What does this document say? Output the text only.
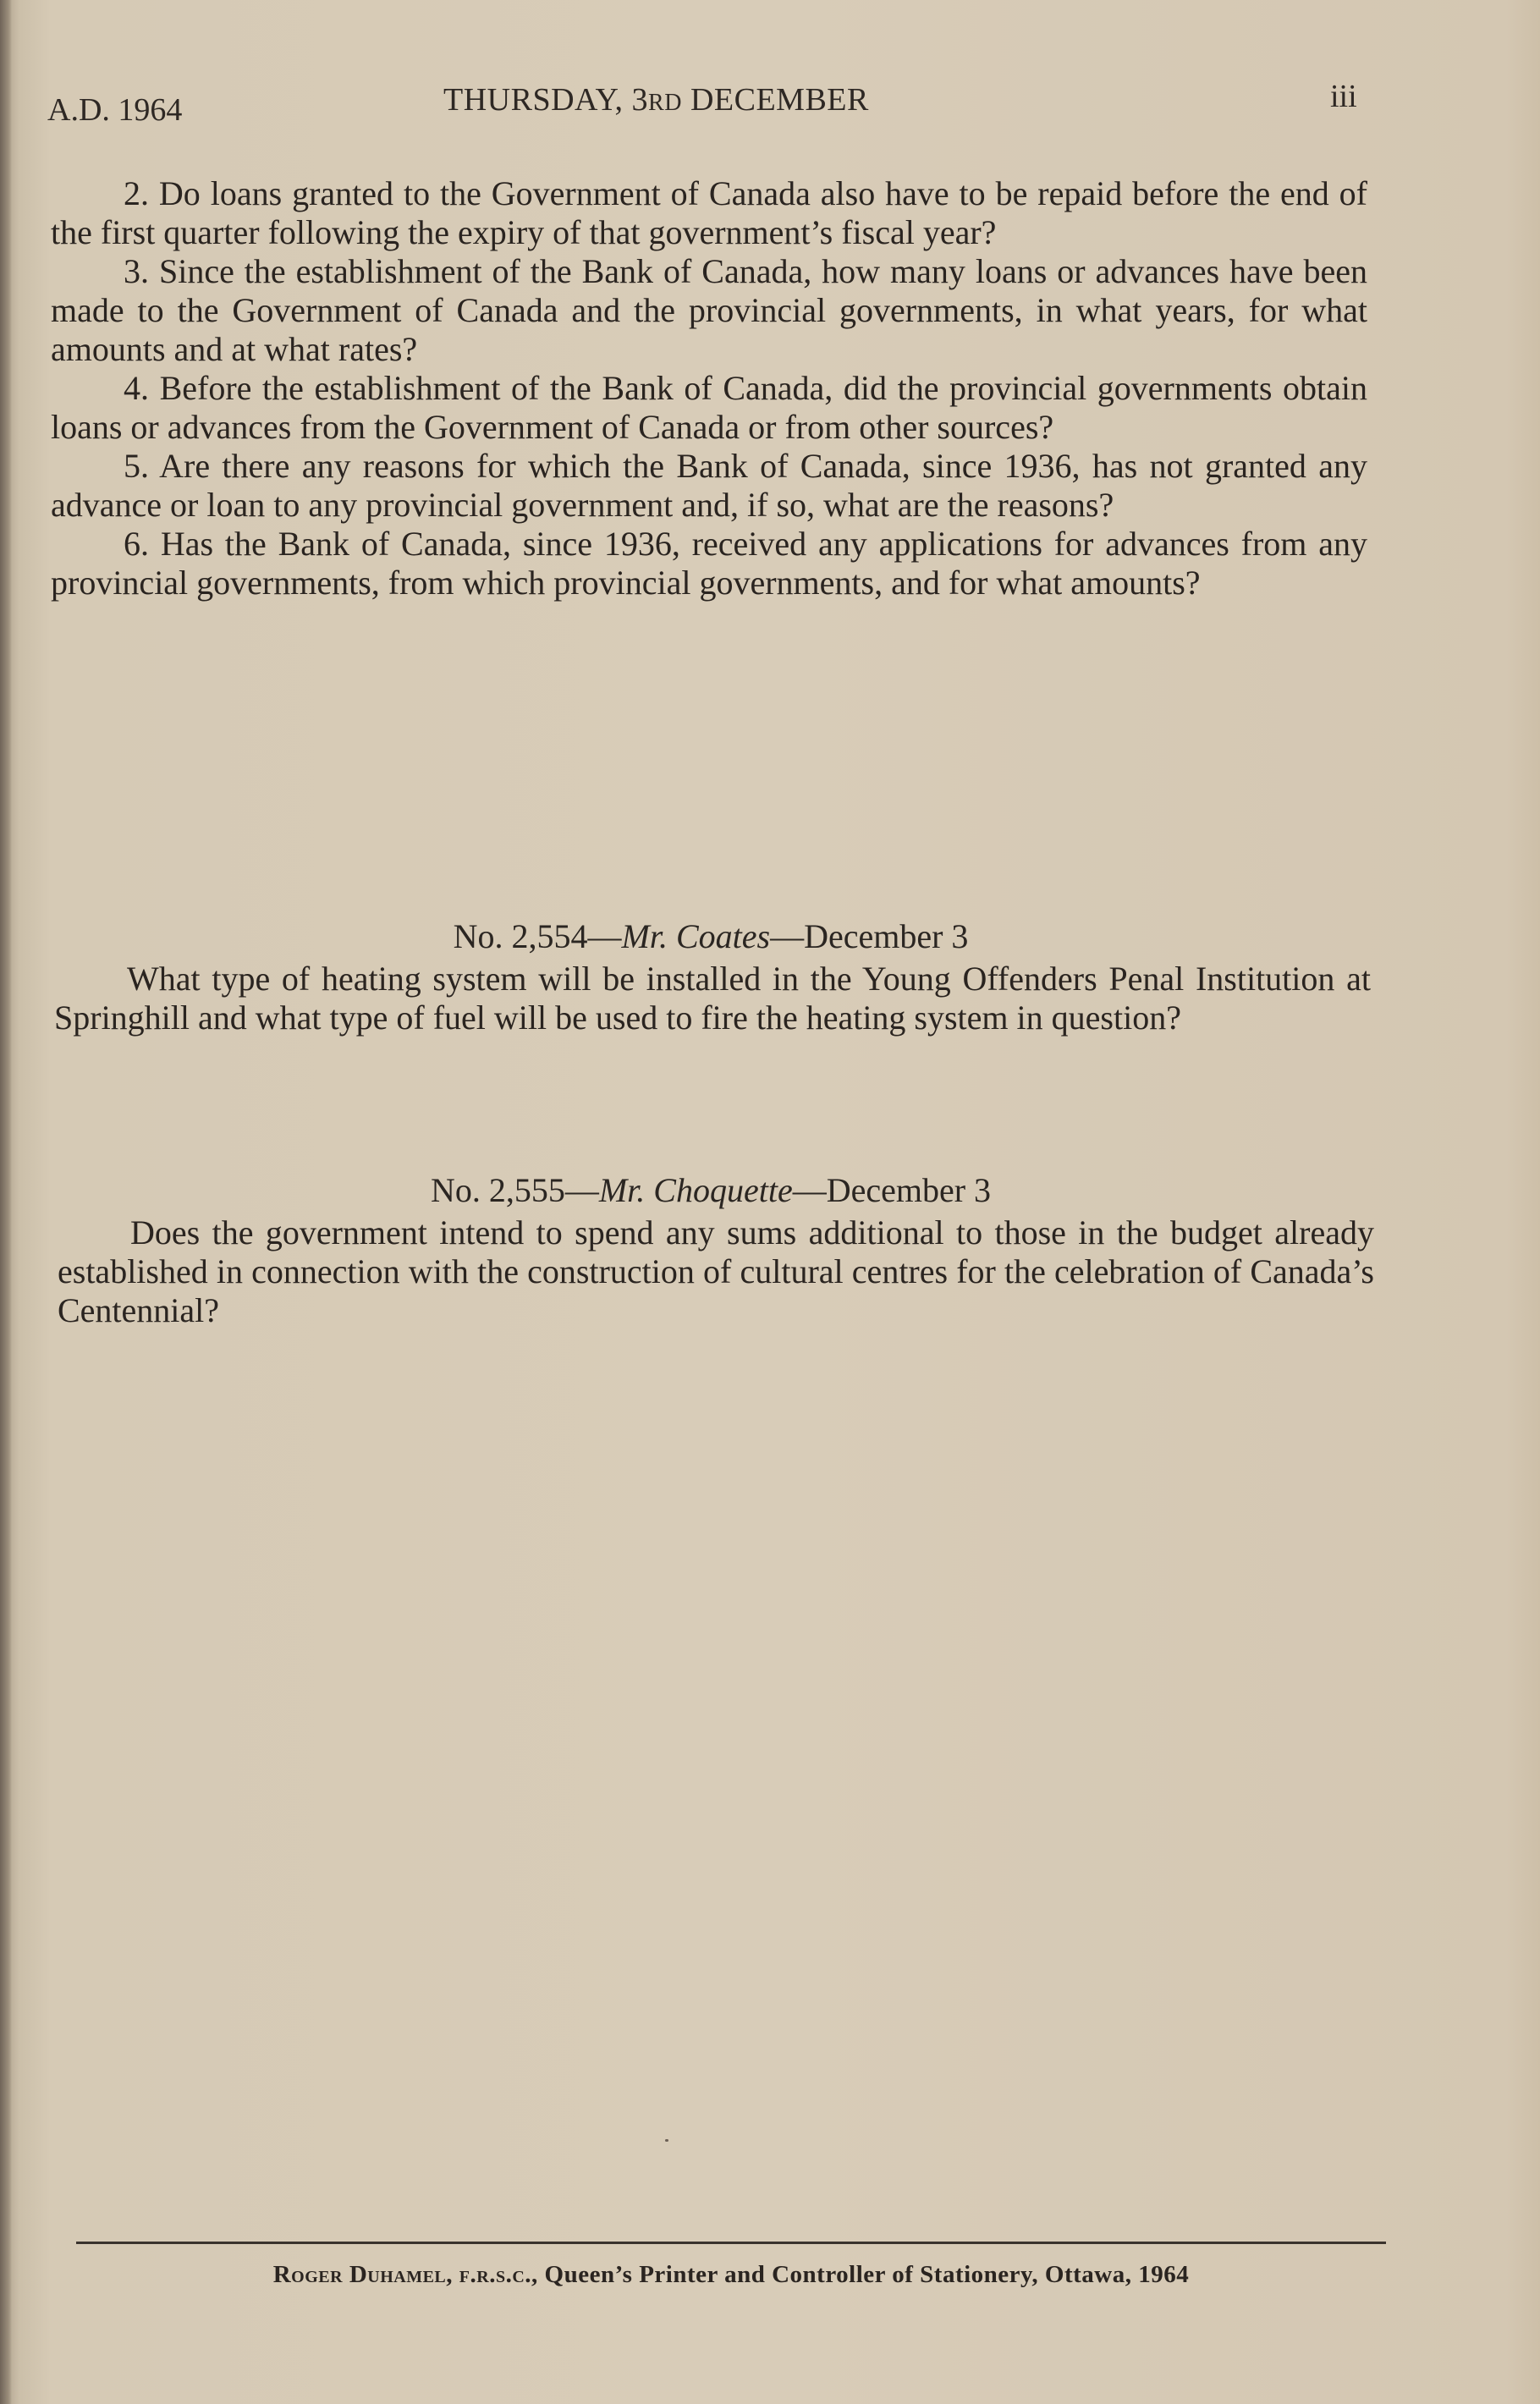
A.D. 1964	THURSDAY, 3RD DECEMBER	iii

2. Do loans granted to the Government of Canada also have to be repaid before the end of the first quarter following the expiry of that government’s fiscal year?

3. Since the establishment of the Bank of Canada, how many loans or advances have been made to the Government of Canada and the provincial governments, in what years, for what amounts and at what rates?

4. Before the establishment of the Bank of Canada, did the provincial governments obtain loans or advances from the Government of Canada or from other sources?

5. Are there any reasons for which the Bank of Canada, since 1936, has not granted any advance or loan to any provincial government and, if so, what are the reasons?

6. Has the Bank of Canada, since 1936, received any applications for advances from any provincial governments, from which provincial governments, and for what amounts?

No. 2,554—Mr. Coates—December 3

What type of heating system will be installed in the Young Offenders Penal Institution at Springhill and what type of fuel will be used to fire the heating system in question?

No. 2,555—Mr. Choquette—December 3

Does the government intend to spend any sums additional to those in the budget already established in connection with the construction of cultural centres for the celebration of Canada’s Centennial?

Roger Duhamel, f.r.s.c., Queen’s Printer and Controller of Stationery, Ottawa, 1964
